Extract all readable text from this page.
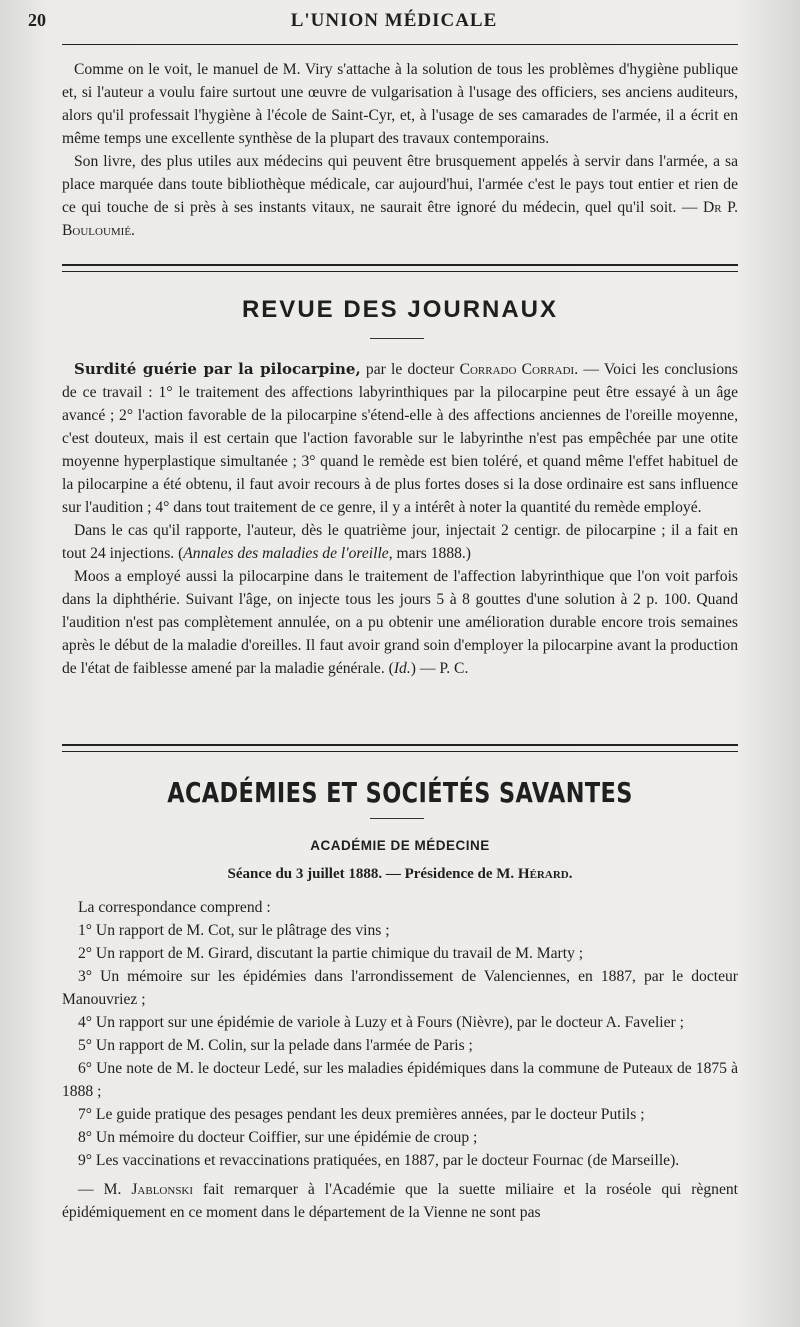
20	L'UNION MÉDICALE

Comme on le voit, le manuel de M. Viry s'attache à la solution de tous les problèmes d'hygiène publique et, si l'auteur a voulu faire surtout une œuvre de vulgarisation à l'usage des officiers, ses anciens auditeurs, alors qu'il professait l'hygiène à l'école de Saint-Cyr, et, à l'usage de ses camarades de l'armée, il a écrit en même temps une excellente synthèse de la plupart des travaux contemporains.

Son livre, des plus utiles aux médecins qui peuvent être brusquement appelés à servir dans l'armée, a sa place marquée dans toute bibliothèque médicale, car aujourd'hui, l'armée c'est le pays tout entier et rien de ce qui touche de si près à ses instants vitaux, ne saurait être ignoré du médecin, quel qu'il soit. — Dr P. Bouloumié.

REVUE DES JOURNAUX

Surdité guérie par la pilocarpine, par le docteur Corrado Corradi. — Voici les conclusions de ce travail : 1° le traitement des affections labyrinthiques par la pilocarpine peut être essayé à un âge avancé ; 2° l'action favorable de la pilocarpine s'étend-elle à des affections anciennes de l'oreille moyenne, c'est douteux, mais il est certain que l'action favorable sur le labyrinthe n'est pas empêchée par une otite moyenne hyperplastique simultanée ; 3° quand le remède est bien toléré, et quand même l'effet habituel de la pilocarpine a été obtenu, il faut avoir recours à de plus fortes doses si la dose ordinaire est sans influence sur l'audition ; 4° dans tout traitement de ce genre, il y a intérêt à noter la quantité du remède employé.

Dans le cas qu'il rapporte, l'auteur, dès le quatrième jour, injectait 2 centigr. de pilocarpine ; il a fait en tout 24 injections. (Annales des maladies de l'oreille, mars 1888.)

Moos a employé aussi la pilocarpine dans le traitement de l'affection labyrinthique que l'on voit parfois dans la diphthérie. Suivant l'âge, on injecte tous les jours 5 à 8 gouttes d'une solution à 2 p. 100. Quand l'audition n'est pas complètement annulée, on a pu obtenir une amélioration durable encore trois semaines après le début de la maladie d'oreilles. Il faut avoir grand soin d'employer la pilocarpine avant la production de l'état de faiblesse amené par la maladie générale. (Id.) — P. C.

ACADÉMIES ET SOCIÉTÉS SAVANTES
ACADÉMIE DE MÉDECINE
Séance du 3 juillet 1888. — Présidence de M. Hérard.

La correspondance comprend :

1° Un rapport de M. Cot, sur le plâtrage des vins ;

2° Un rapport de M. Girard, discutant la partie chimique du travail de M. Marty ;

3° Un mémoire sur les épidémies dans l'arrondissement de Valenciennes, en 1887, par le docteur Manouvriez ;

4° Un rapport sur une épidémie de variole à Luzy et à Fours (Nièvre), par le docteur A. Favelier ;

5° Un rapport de M. Colin, sur la pelade dans l'armée de Paris ;

6° Une note de M. le docteur Ledé, sur les maladies épidémiques dans la commune de Puteaux de 1875 à 1888 ;

7° Le guide pratique des pesages pendant les deux premières années, par le docteur Putils ;

8° Un mémoire du docteur Coiffier, sur une épidémie de croup ;

9° Les vaccinations et revaccinations pratiquées, en 1887, par le docteur Fournac (de Marseille).

— M. Jablonski fait remarquer à l'Académie que la suette miliaire et la roséole qui règnent épidémiquement en ce moment dans le département de la Vienne ne sont pas
